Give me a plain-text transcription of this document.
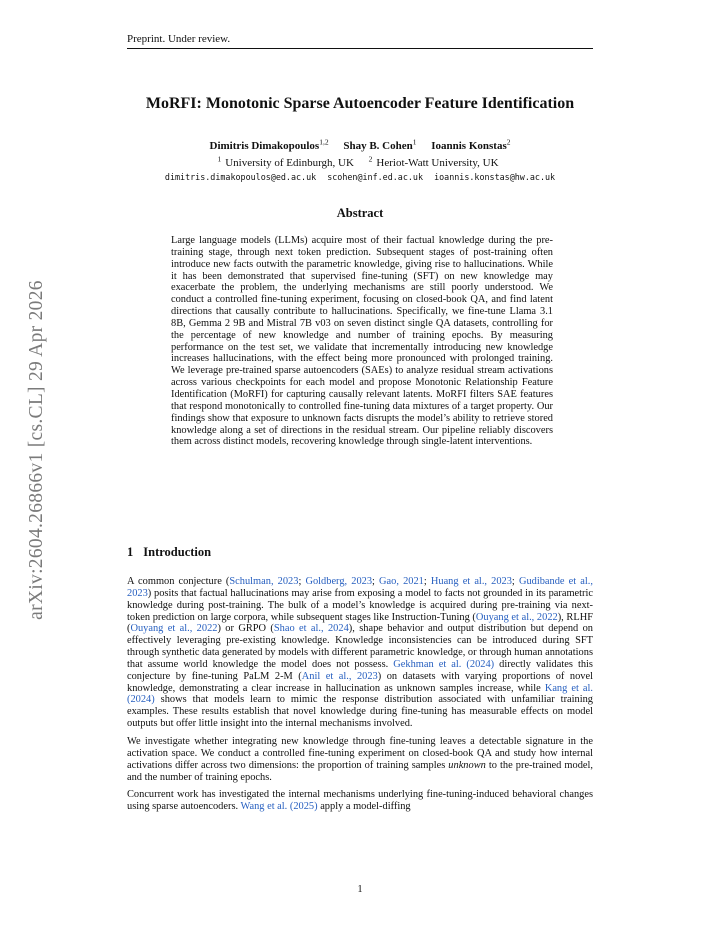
Preprint. Under review.
MoRFI: Monotonic Sparse Autoencoder Feature Identification
Dimitris Dimakopoulos$^{1,2}$ Shay B. Cohen$^1$ Ioannis Konstas$^2$
$^1$ University of Edinburgh, UK $^2$ Heriot-Watt University, UK
dimitris.dimakopoulos@ed.ac.uk scohen@inf.ed.ac.uk ioannis.konstas@hw.ac.uk
Abstract
Large language models (LLMs) acquire most of their factual knowledge during the pre-training stage, through next token prediction. Subsequent stages of post-training often introduce new facts outwith the parametric knowledge, giving rise to hallucinations. While it has been demonstrated that supervised fine-tuning (SFT) on new knowledge may exacerbate the problem, the underlying mechanisms are still poorly understood. We conduct a controlled fine-tuning experiment, focusing on closed-book QA, and find latent directions that causally contribute to hallucinations. Specifically, we fine-tune Llama 3.1 8B, Gemma 2 9B and Mistral 7B v03 on seven distinct single QA datasets, controlling for the percentage of new knowledge and number of training epochs. By measuring performance on the test set, we validate that incrementally introducing new knowledge increases hallucinations, with the effect being more pronounced with prolonged training. We leverage pre-trained sparse autoencoders (SAEs) to analyze residual stream activations across various checkpoints for each model and propose Monotonic Relationship Feature Identification (MoRFI) for capturing causally relevant latents. MoRFI filters SAE features that respond monotonically to controlled fine-tuning data mixtures of a target property. Our findings show that exposure to unknown facts disrupts the model’s ability to retrieve stored knowledge along a set of directions in the residual stream. Our pipeline reliably discovers them across distinct models, recovering knowledge through single-latent interventions.
arXiv:2604.26866v1 [cs.CL] 29 Apr 2026	1 Introduction

A common conjecture (Schulman, 2023; Goldberg, 2023; Gao, 2021; Huang et al., 2023; Gudibande et al., 2023) posits that factual hallucinations may arise from exposing a model to facts not grounded in its parametric knowledge during post-training. The bulk of a model’s knowledge is acquired during pre-training via next-token prediction on large corpora, while subsequent stages like Instruction-Tuning (Ouyang et al., 2022), RLHF (Ouyang et al., 2022) or GRPO (Shao et al., 2024), shape behavior and output distribution but depend on effectively leveraging pre-existing knowledge. Knowledge inconsistencies can be introduced during SFT through synthetic data generated by models with different parametric knowledge, or through human annotations that assume world knowledge the model does not possess. Gekhman et al. (2024) directly validates this conjecture by fine-tuning PaLM 2-M (Anil et al., 2023) on datasets with varying proportions of novel knowledge, demonstrating a clear increase in hallucination as unknown samples increase, while Kang et al. (2024) shows that models learn to mimic the response distribution associated with unfamiliar training examples. These results establish that novel knowledge during fine-tuning has measurable effects on model outputs but offer little insight into the internal mechanisms involved.

We investigate whether integrating new knowledge through fine-tuning leaves a detectable signature in the activation space. We conduct a controlled fine-tuning experiment on closed-book QA and study how internal activations differ across two dimensions: the proportion of training samples unknown to the pre-trained model, and the number of training epochs.

Concurrent work has investigated the internal mechanisms underlying fine-tuning-induced behavioral changes using sparse autoencoders. Wang et al. (2025) apply a model-diffing

1
